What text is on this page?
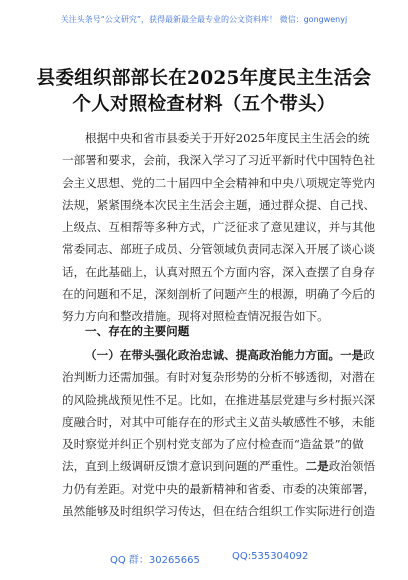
关注头条号“公文研究”，获得最新最全最专业的公文资料库！ 微信：gongwenyj
县委组织部部长在2025年度民主生活会
个人对照检查材料（五个带头）
根据中央和省市县委关于开好2025年度民主生活会的统
一部署和要求，会前，我深入学习了习近平新时代中国特色社
会主义思想、党的二十届四中全会精神和中央八项规定等党内
法规，紧紧围绕本次民主生活会主题，通过群众提、自己找、
上级点、互相帮等多种方式，广泛征求了意见建议，并与其他
常委同志、部班子成员、分管领域负责同志深入开展了谈心谈
话，在此基础上，认真对照五个方面内容，深入查摆了自身存
在的问题和不足，深刻剖析了问题产生的根源，明确了今后的
努力方向和整改措施。现将对照检查情况报告如下。
一、存在的主要问题
（一）在带头强化政治忠诚、提高政治能力方面。一是政
治判断力还需加强。有时对复杂形势的分析不够透彻，对潜在
的风险挑战预见性不足。比如，在推进基层党建与乡村振兴深
度融合时，对其中可能存在的形式主义苗头敏感性不够，未能
及时察觉并纠正个别村党支部为了应付检查而“造盆景”的做
法，直到上级调研反馈才意识到问题的严重性。二是政治领悟
力仍有差距。对党中央的最新精神和省委、市委的决策部署，
虽然能够及时组织学习传达，但在结合组织工作实际进行创造
QQ 群：30265665	QQ:535304092
